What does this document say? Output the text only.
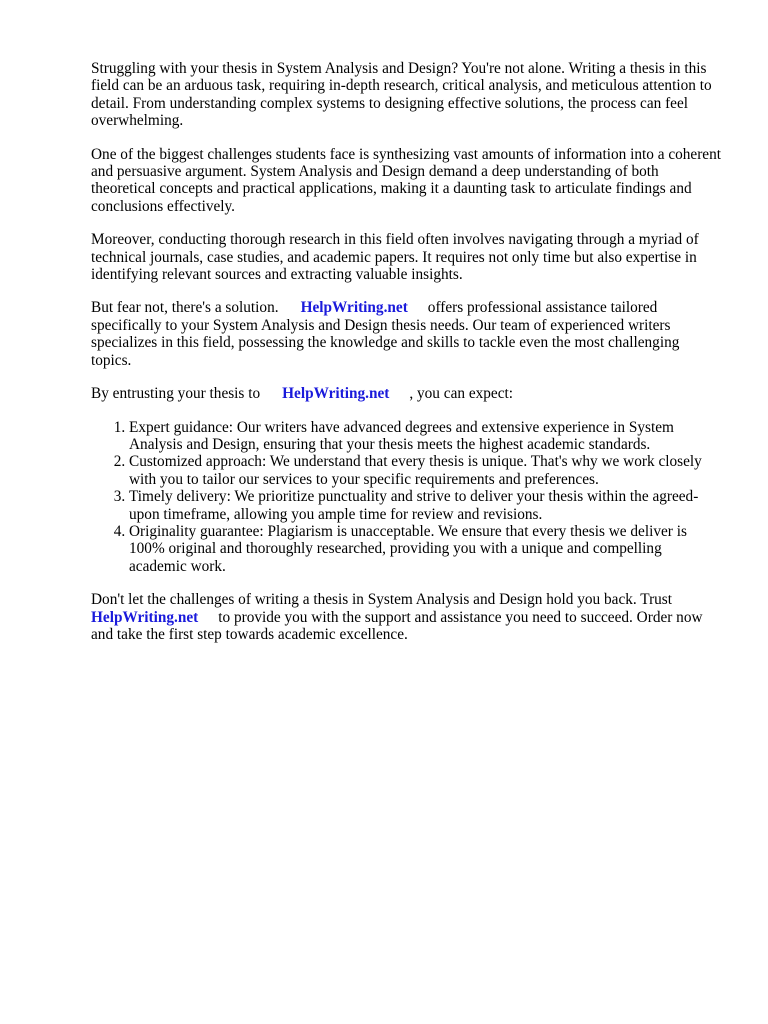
Struggling with your thesis in System Analysis and Design? You're not alone. Writing a thesis in this field can be an arduous task, requiring in-depth research, critical analysis, and meticulous attention to detail. From understanding complex systems to designing effective solutions, the process can feel overwhelming.

One of the biggest challenges students face is synthesizing vast amounts of information into a coherent and persuasive argument. System Analysis and Design demand a deep understanding of both theoretical concepts and practical applications, making it a daunting task to articulate findings and conclusions effectively.

Moreover, conducting thorough research in this field often involves navigating through a myriad of technical journals, case studies, and academic papers. It requires not only time but also expertise in identifying relevant sources and extracting valuable insights.

But fear not, there's a solution. HelpWriting.net offers professional assistance tailored specifically to your System Analysis and Design thesis needs. Our team of experienced writers specializes in this field, possessing the knowledge and skills to tackle even the most challenging topics.

By entrusting your thesis to HelpWriting.net , you can expect:

1. Expert guidance: Our writers have advanced degrees and extensive experience in System Analysis and Design, ensuring that your thesis meets the highest academic standards.
2. Customized approach: We understand that every thesis is unique. That's why we work closely with you to tailor our services to your specific requirements and preferences.
3. Timely delivery: We prioritize punctuality and strive to deliver your thesis within the agreed-upon timeframe, allowing you ample time for review and revisions.
4. Originality guarantee: Plagiarism is unacceptable. We ensure that every thesis we deliver is 100% original and thoroughly researched, providing you with a unique and compelling academic work.

Don't let the challenges of writing a thesis in System Analysis and Design hold you back. Trust
HelpWriting.net to provide you with the support and assistance you need to succeed. Order now and take the first step towards academic excellence.
